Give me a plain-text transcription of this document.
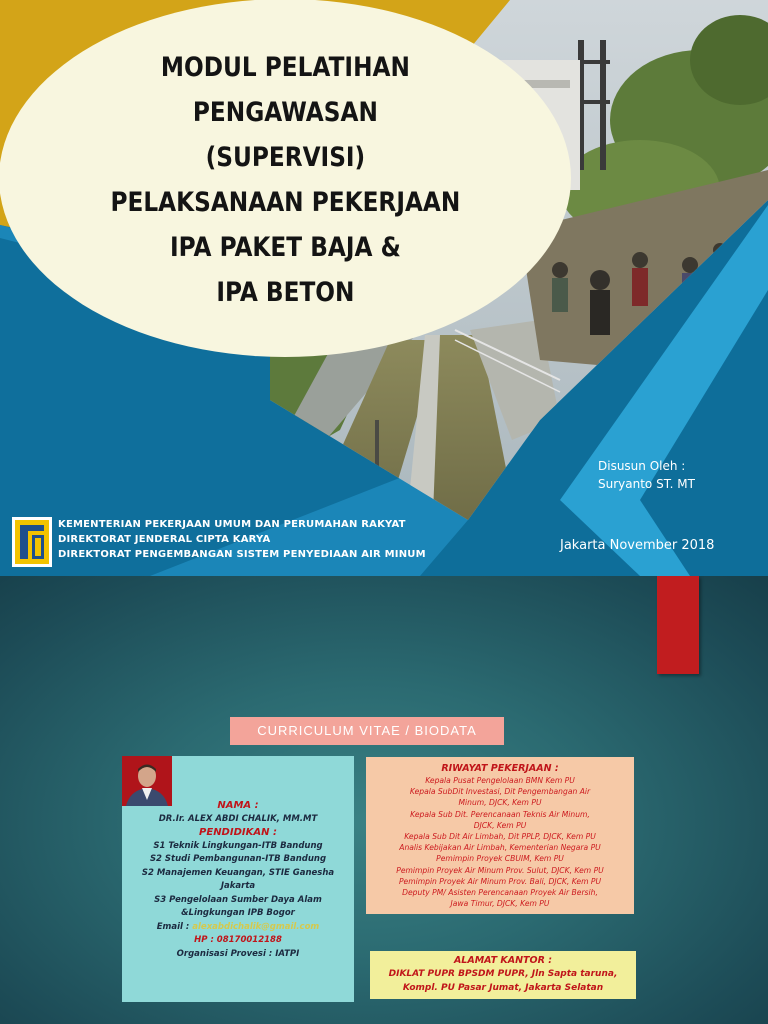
MODUL PELATIHAN
PENGAWASAN
(SUPERVISI)
PELAKSANAAN PEKERJAAN
IPA PAKET BAJA &
IPA BETON
Disusun Oleh :
Suryanto ST. MT
KEMENTERIAN PEKERJAAN UMUM DAN PERUMAHAN RAKYAT
DIREKTORAT JENDERAL CIPTA KARYA
DIREKTORAT PENGEMBANGAN SISTEM PENYEDIAAN AIR MINUM
Jakarta November 2018
CURRICULUM VITAE / BIODATA
NAMA :
DR.Ir. ALEX ABDI CHALIK, MM.MT
PENDIDIKAN :
S1 Teknik Lingkungan-ITB Bandung
S2 Studi Pembangunan-ITB Bandung
S2 Manajemen Keuangan, STIE Ganesha
Jakarta
S3 Pengelolaan Sumber Daya Alam
&Lingkungan IPB Bogor
Email : alexabdichalik@gmail.com
HP : 08170012188
Organisasi Provesi : IATPI
RIWAYAT PEKERJAAN :
Kepala Pusat Pengelolaan BMN Kem PU
Kepala SubDit Investasi, Dit Pengembangan Air
Minum, DJCK, Kem PU
Kepala Sub Dit. Perencanaan Teknis Air Minum,
DJCK, Kem PU
Kepala Sub Dit Air Limbah, Dit PPLP, DJCK, Kem PU
Analis Kebijakan Air Limbah, Kementerian Negara PU
Pemimpin Proyek CBUIM, Kem PU
Pemimpin Proyek Air Minum Prov. Sulut, DJCK, Kem PU
Pemimpin Proyek Air Minum Prov. Bali, DJCK, Kem PU
Deputy PM/ Asisten Perencanaan Proyek Air Bersih,
Jawa Timur, DJCK, Kem PU
ALAMAT KANTOR :
DIKLAT PUPR BPSDM PUPR, Jln Sapta taruna,
Kompl. PU Pasar Jumat, Jakarta Selatan
